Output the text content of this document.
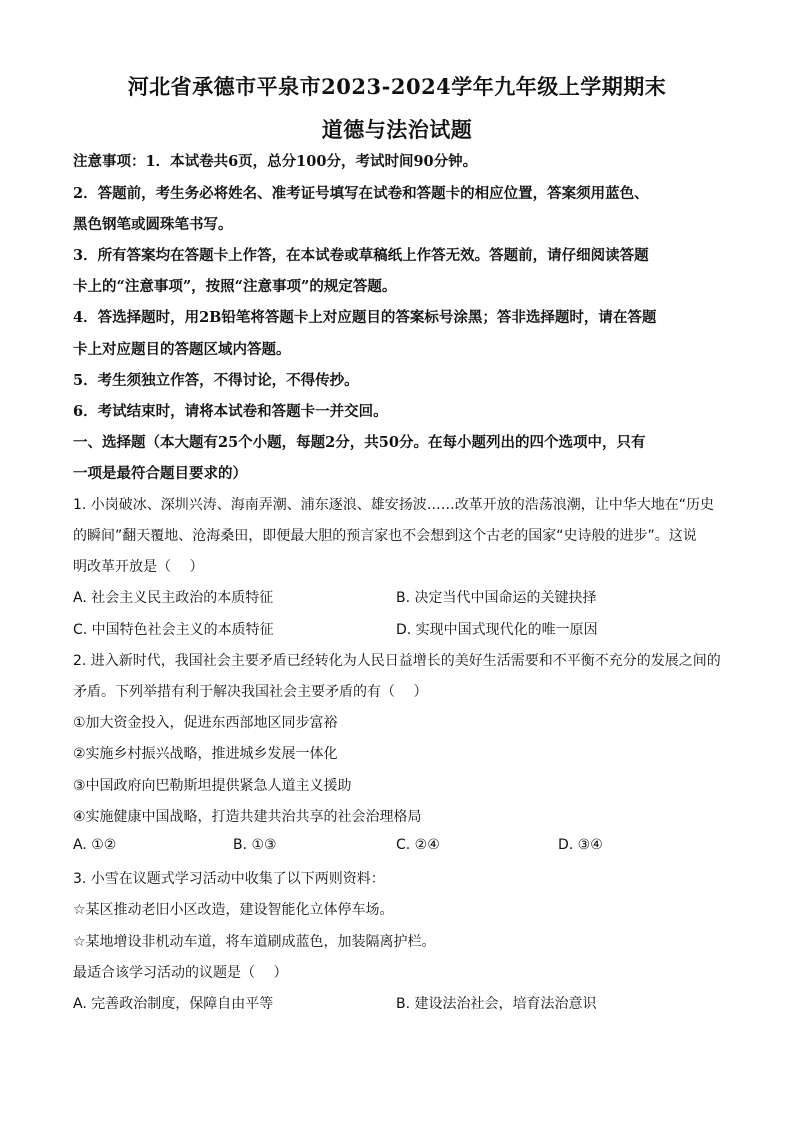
河北省承德市平泉市2023-2024学年九年级上学期期末
道德与法治试题
注意事项：1．本试卷共6页，总分100分，考试时间90分钟。
2．答题前，考生务必将姓名、准考证号填写在试卷和答题卡的相应位置，答案须用蓝色、
黑色钢笔或圆珠笔书写。
3．所有答案均在答题卡上作答，在本试卷或草稿纸上作答无效。答题前，请仔细阅读答题
卡上的“注意事项”，按照“注意事项”的规定答题。
4．答选择题时，用2B铅笔将答题卡上对应题目的答案标号涂黑；答非选择题时，请在答题
卡上对应题目的答题区域内答题。
5．考生须独立作答，不得讨论，不得传抄。
6．考试结束时，请将本试卷和答题卡一并交回。
一、选择题（本大题有25个小题，每题2分，共50分。在每小题列出的四个选项中，只有
一项是最符合题目要求的）
1. 小岗破冰、深圳兴涛、海南弄潮、浦东逐浪、雄安扬波……改革开放的浩荡浪潮，让中华大地在“历史
的瞬间”翻天覆地、沧海桑田，即便最大胆的预言家也不会想到这个古老的国家“史诗般的进步”。这说
明改革开放是（　 ）
A. 社会主义民主政治的本质特征	B. 决定当代中国命运的关键抉择
C. 中国特色社会主义的本质特征	D. 实现中国式现代化的唯一原因
2. 进入新时代，我国社会主要矛盾已经转化为人民日益增长的美好生活需要和不平衡不充分的发展之间的
矛盾。下列举措有利于解决我国社会主要矛盾的有（　 ）
①加大资金投入，促进东西部地区同步富裕
②实施乡村振兴战略，推进城乡发展一体化
③中国政府向巴勒斯坦提供紧急人道主义援助
④实施健康中国战略，打造共建共治共享的社会治理格局
A. ①②	B. ①③	C. ②④	D. ③④
3. 小雪在议题式学习活动中收集了以下两则资料：
☆某区推动老旧小区改造，建设智能化立体停车场。
☆某地增设非机动车道，将车道刷成蓝色，加装隔离护栏。
最适合该学习活动的议题是（　 ）
A. 完善政治制度，保障自由平等	B. 建设法治社会，培育法治意识
